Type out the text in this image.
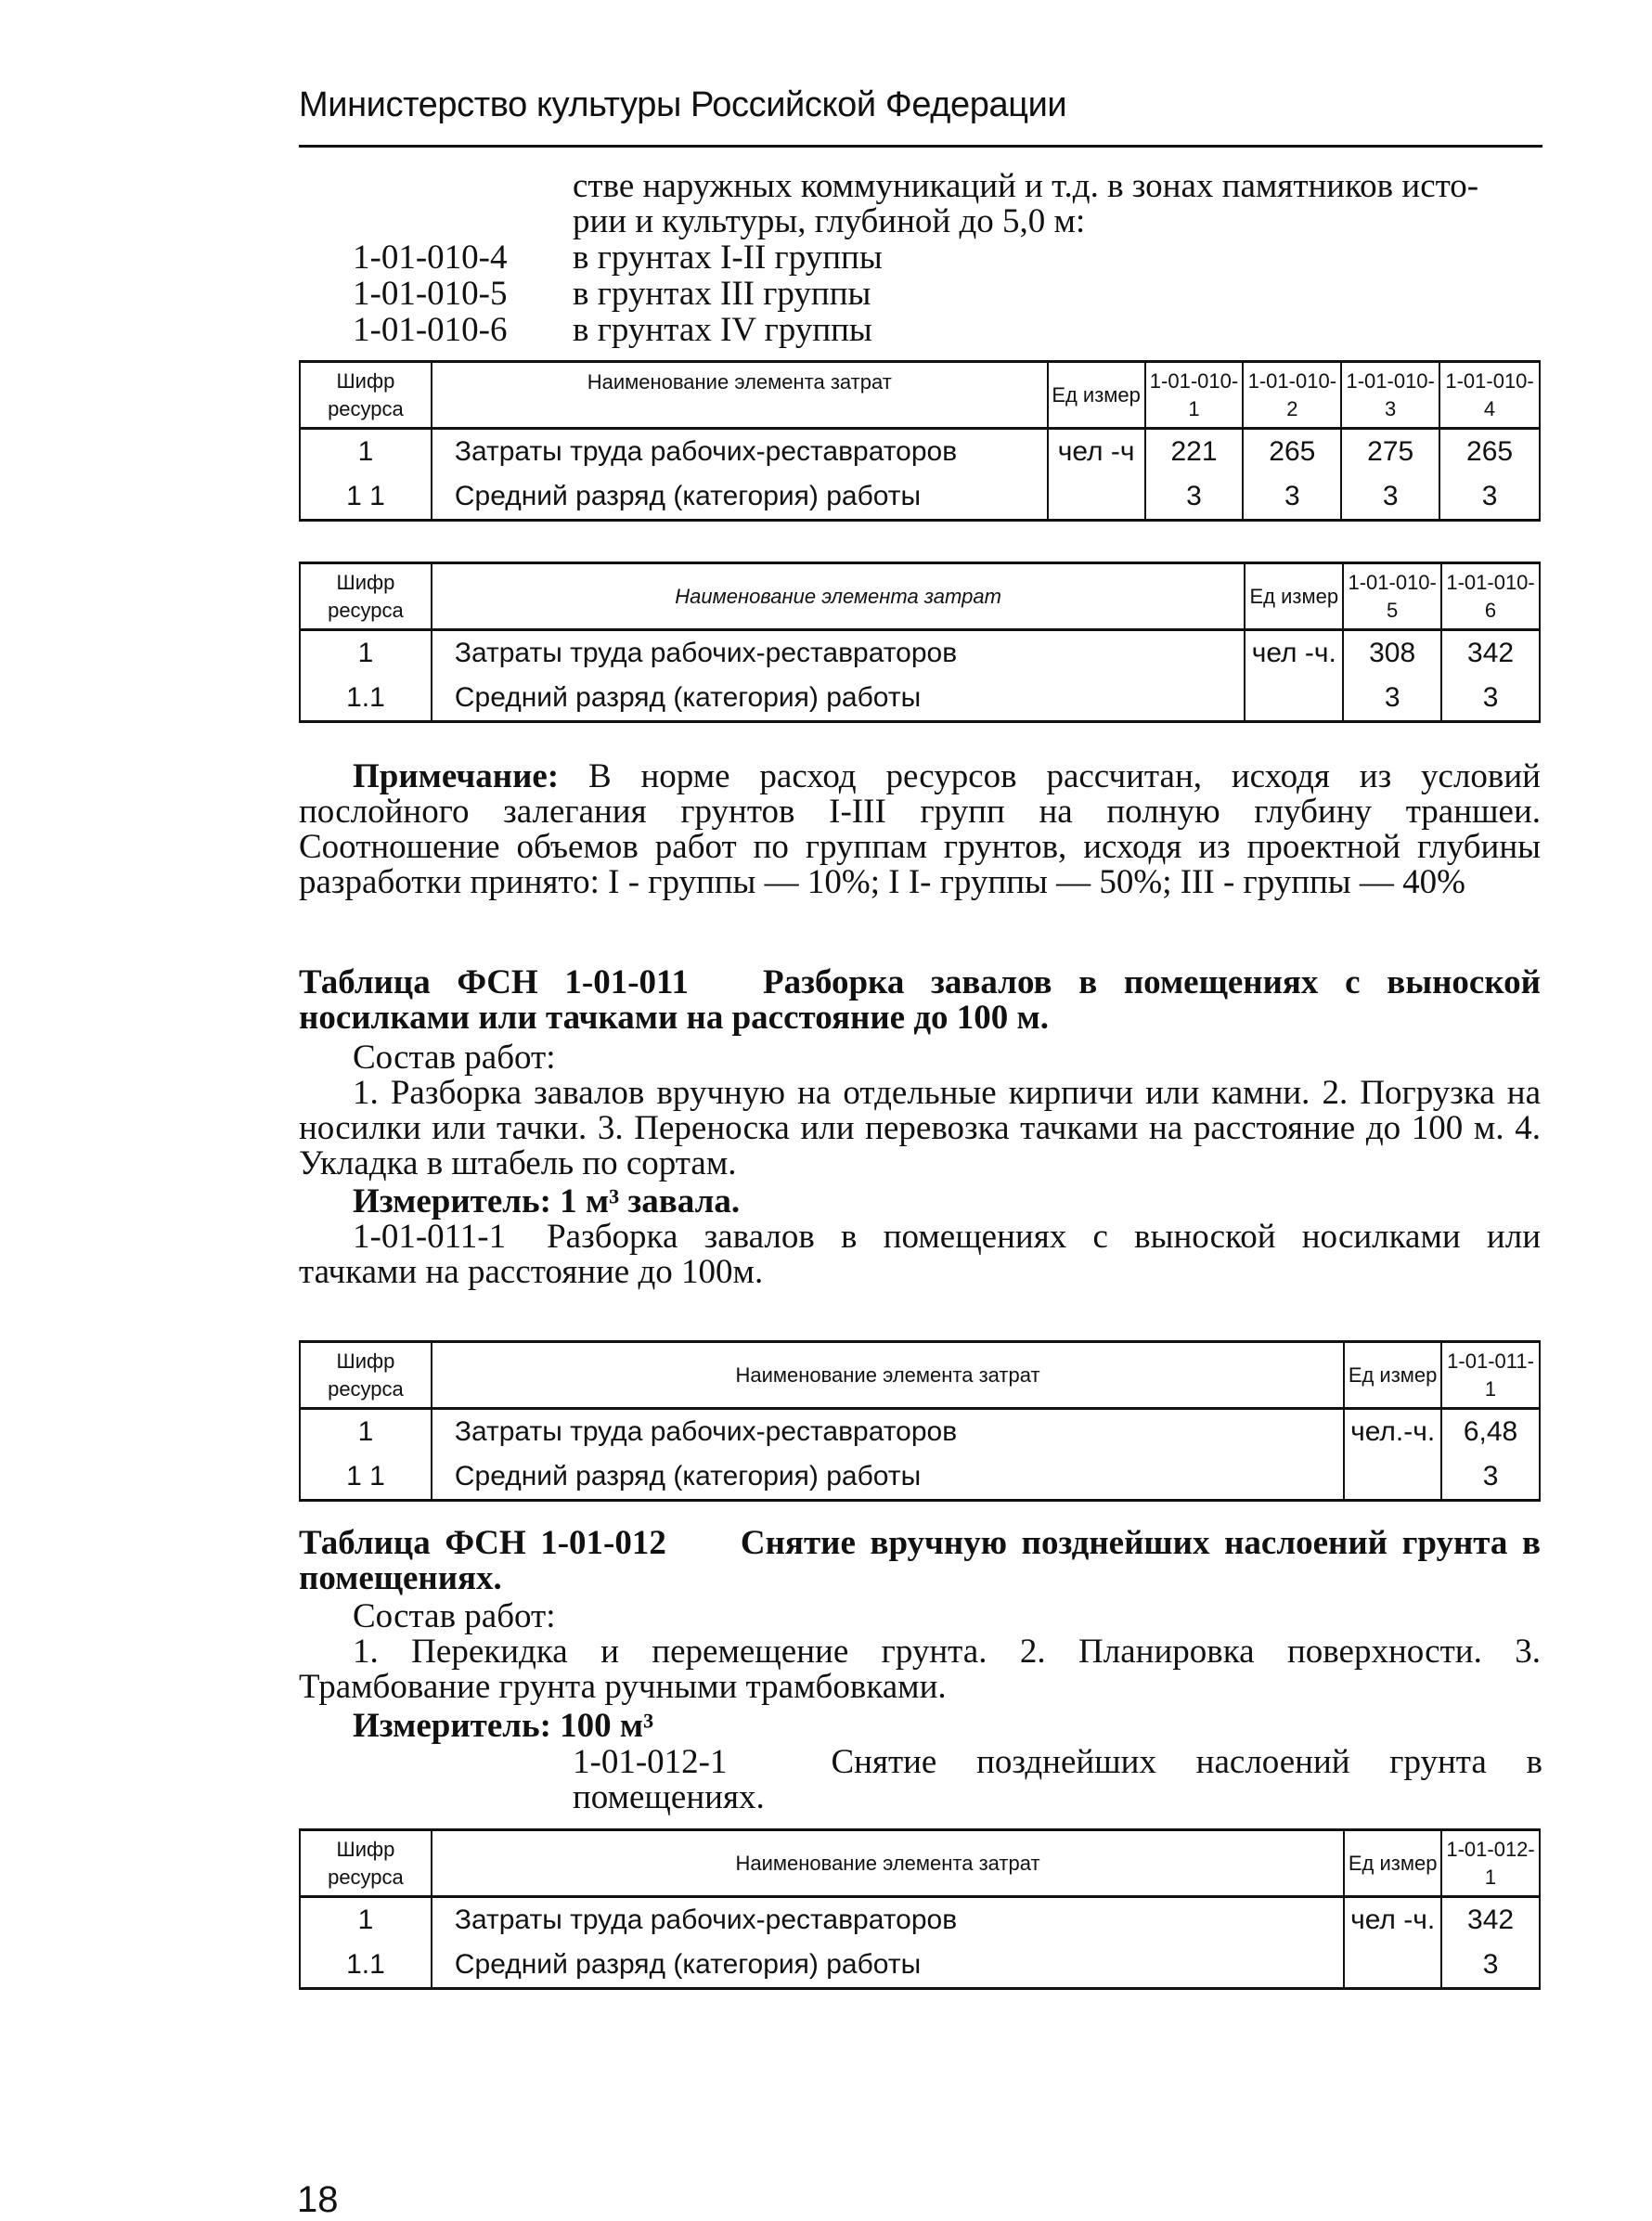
Министерство культуры Российской Федерации
стве наружных коммуникаций и т.д. в зонах памятников исто-
рии и культуры, глубиной до 5,0 м:
1-01-010-4 в грунтах I-II группы
1-01-010-5 в грунтах III группы
1-01-010-6 в грунтах IV группы
Шифр ресурса	Наименование элемента затрат	Ед измер	1-01-010-1	1-01-010-2	1-01-010-3	1-01-010-4
1	Затраты труда рабочих-реставраторов	чел -ч	221	265	275	265
1 1	Средний разряд (категория) работы		3	3	3	3
Шифр ресурса	Наименование элемента затрат	Ед измер	1-01-010-5	1-01-010-6
1	Затраты труда рабочих-реставраторов	чел -ч.	308	342
1.1	Средний разряд (категория) работы		3	3
Примечание: В норме расход ресурсов рассчитан, исходя из условий послойного залегания грунтов I-III групп на полную глубину траншеи. Соотношение объемов работ по группам грунтов, исходя из проектной глубины разработки принято: I - группы — 10%; I I- группы — 50%; III - группы — 40%
Таблица ФСН 1-01-011 Разборка завалов в помещениях с выноской носилками или тачками на расстояние до 100 м.
Состав работ:
1. Разборка завалов вручную на отдельные кирпичи или камни. 2. Погрузка на носилки или тачки. 3. Переноска или перевозка тачками на расстояние до 100 м. 4. Укладка в штабель по сортам.
Измеритель: 1 м³ завала.
1-01-011-1 Разборка завалов в помещениях с выноской носилками или тачками на расстояние до 100м.
Шифр ресурса	Наименование элемента затрат	Ед измер	1-01-011-1
1	Затраты труда рабочих-реставраторов	чел.-ч.	6,48
1 1	Средний разряд (категория) работы		3
Таблица ФСН 1-01-012 Снятие вручную позднейших наслоений грунта в помещениях.
Состав работ:
1. Перекидка и перемещение грунта. 2. Планировка поверхности. 3. Трамбование грунта ручными трамбовками.
Измеритель: 100 м³
1-01-012-1	Снятие позднейших наслоений грунта в помещениях.
Шифр ресурса	Наименование элемента затрат	Ед измер	1-01-012-1
1	Затраты труда рабочих-реставраторов	чел -ч.	342
1.1	Средний разряд (категория) работы		3
18
